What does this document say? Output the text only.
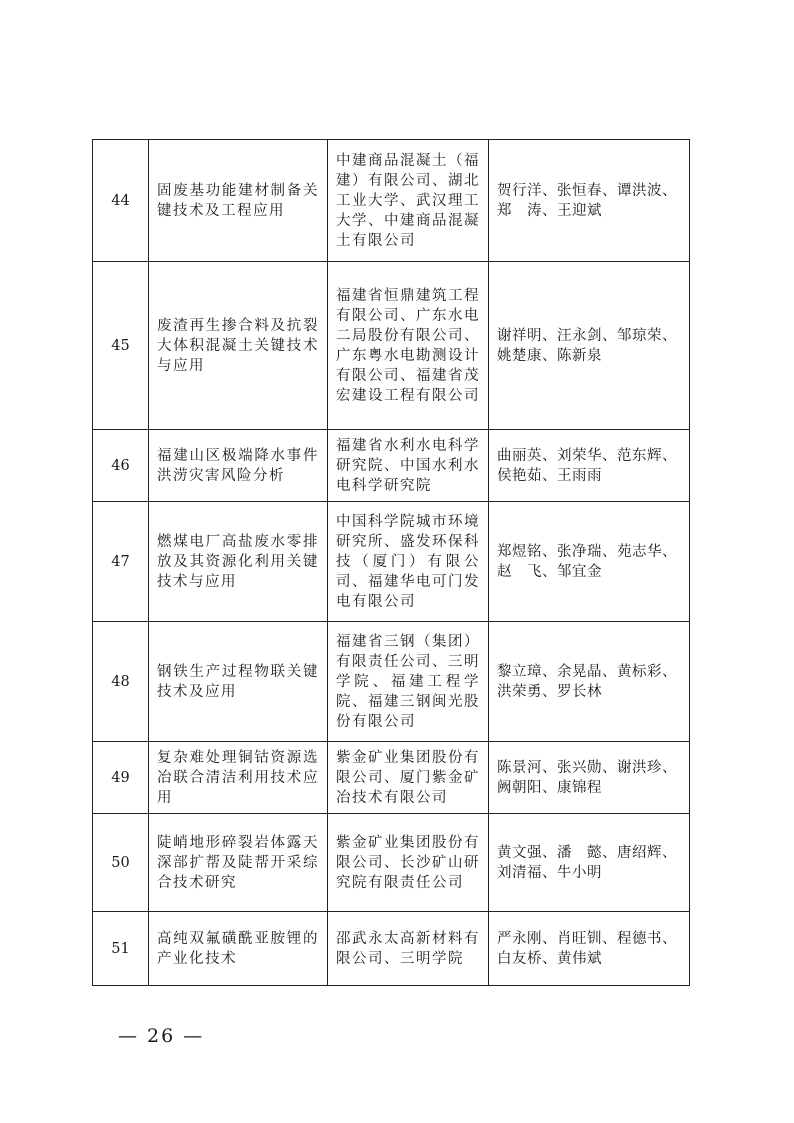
44	固废基功能建材制备关键技术及工程应用	中建商品混凝土（福建）有限公司、湖北工业大学、武汉理工大学、中建商品混凝土有限公司	贺行洋、张恒春、谭洪波、郑　涛、王迎斌
45	废渣再生掺合料及抗裂大体积混凝土关键技术与应用	福建省恒鼎建筑工程有限公司、广东水电二局股份有限公司、广东粤水电勘测设计有限公司、福建省茂宏建设工程有限公司	谢祥明、汪永剑、邹琼荣、姚楚康、陈新泉
46	福建山区极端降水事件洪涝灾害风险分析	福建省水利水电科学研究院、中国水利水电科学研究院	曲丽英、刘荣华、范东辉、侯艳茹、王雨雨
47	燃煤电厂高盐废水零排放及其资源化利用关键技术与应用	中国科学院城市环境研究所、盛发环保科技（厦门）有限公司、福建华电可门发电有限公司	郑煜铭、张净瑞、苑志华、赵　飞、邹宜金
48	钢铁生产过程物联关键技术及应用	福建省三钢（集团）有限责任公司、三明学院、福建工程学院、福建三钢闽光股份有限公司	黎立璋、余晃晶、黄标彩、洪荣勇、罗长林
49	复杂难处理铜钴资源选冶联合清洁利用技术应用	紫金矿业集团股份有限公司、厦门紫金矿冶技术有限公司	陈景河、张兴勋、谢洪珍、阙朝阳、康锦程
50	陡峭地形碎裂岩体露天深部扩帮及陡帮开采综合技术研究	紫金矿业集团股份有限公司、长沙矿山研究院有限责任公司	黄文强、潘　懿、唐绍辉、刘清福、牛小明
51	高纯双氟磺酰亚胺锂的产业化技术	邵武永太高新材料有限公司、三明学院	严永刚、肖旺钏、程德书、白友桥、黄伟斌
— 26 —
